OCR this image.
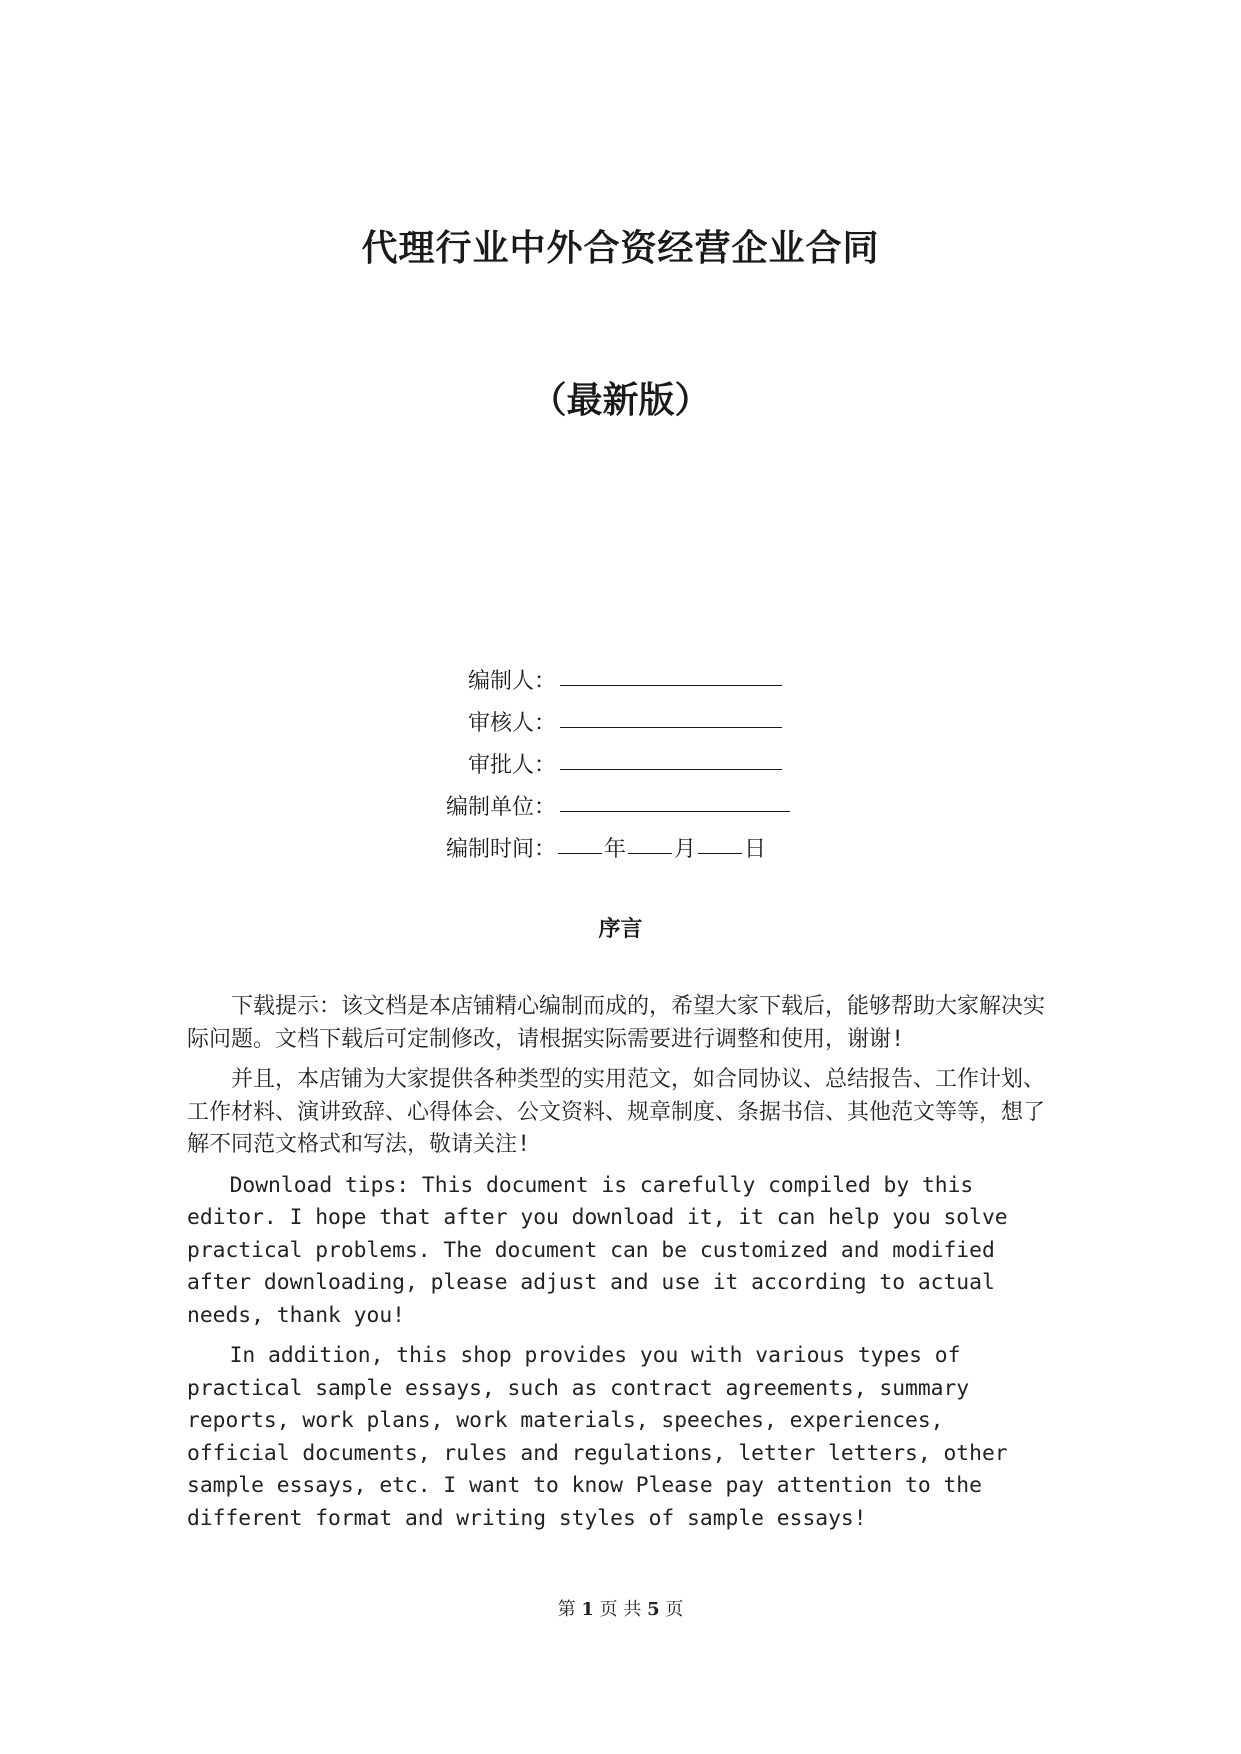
代理行业中外合资经营企业合同
（最新版）
编制人：
审核人：
审批人：
编制单位：
编制时间： 年 月 日
序言

下载提示：该文档是本店铺精心编制而成的，希望大家下载后，能够帮助大家解决实际问题。文档下载后可定制修改，请根据实际需要进行调整和使用，谢谢!

并且，本店铺为大家提供各种类型的实用范文，如合同协议、总结报告、工作计划、工作材料、演讲致辞、心得体会、公文资料、规章制度、条据书信、其他范文等等，想了解不同范文格式和写法，敬请关注!

Download tips: This document is carefully compiled by this editor. I hope that after you download it, it can help you solve practical problems. The document can be customized and modified after downloading, please adjust and use it according to actual needs, thank you!

In addition, this shop provides you with various types of practical sample essays, such as contract agreements, summary reports, work plans, work materials, speeches, experiences, official documents, rules and regulations, letter letters, other sample essays, etc. I want to know Please pay attention to the different format and writing styles of sample essays!

第 1 页 共 5 页
